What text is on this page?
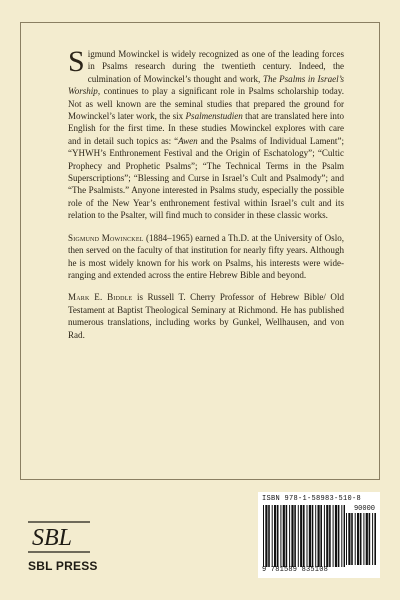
Sigmund Mowinckel is widely recognized as one of the leading forces in Psalms research during the twentieth century. Indeed, the culmination of Mowinckel’s thought and work, The Psalms in Israel’s Worship, continues to play a significant role in Psalms scholarship today. Not as well known are the seminal studies that prepared the ground for Mowinckel’s later work, the six Psalmenstudien that are translated here into English for the first time. In these studies Mowinckel explores with care and in detail such topics as: “Awen and the Psalms of Individual Lament”; “YHWH’s Enthronement Festival and the Origin of Eschatology”; “Cultic Prophecy and Prophetic Psalms”; “The Technical Terms in the Psalm Superscriptions”; “Blessing and Curse in Israel’s Cult and Psalmody”; and “The Psalmists.” Anyone interested in Psalms study, especially the possible role of the New Year’s enthronement festival within Israel’s cult and its relation to the Psalter, will find much to consider in these classic works.

Sigmund Mowinckel (1884–1965) earned a Th.D. at the University of Oslo, then served on the faculty of that institution for nearly fifty years. Although he is most widely known for his work on Psalms, his interests were wide-ranging and extended across the entire Hebrew Bible and beyond.

Mark E. Biddle is Russell T. Cherry Professor of Hebrew Bible/ Old Testament at Baptist Theological Seminary at Richmond. He has published numerous translations, including works by Gunkel, Wellhausen, and von Rad.

SBL
SBL PRESS
ISBN 978-1-58983-510-8
90000
9 781589 835108
